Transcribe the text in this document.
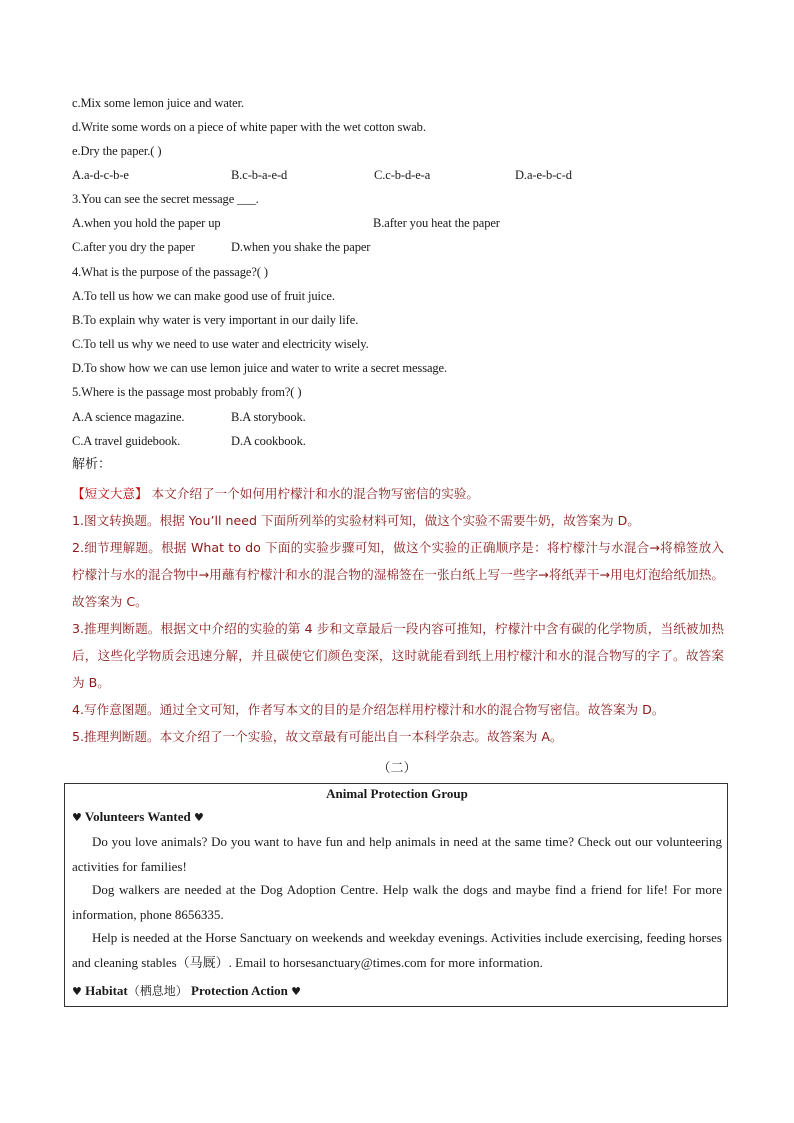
c.Mix some lemon juice and water.
d.Write some words on a piece of white paper with the wet cotton swab.
e.Dry the paper.( )
A.a-d-c-b-e	B.c-b-a-e-d	C.c-b-d-e-a	D.a-e-b-c-d
3.You can see the secret message ___.
A.when you hold the paper up	B.after you heat the paper
C.after you dry the paper	D.when you shake the paper
4.What is the purpose of the passage?( )
A.To tell us how we can make good use of fruit juice.
B.To explain why water is very important in our daily life.
C.To tell us why we need to use water and electricity wisely.
D.To show how we can use lemon juice and water to write a secret message.
5.Where is the passage most probably from?( )
A.A science magazine.	B.A storybook.
C.A travel guidebook.	D.A cookbook.
解析：

【短文大意】 本文介绍了一个如何用柠檬汁和水的混合物写密信的实验。

1.图文转换题。根据 You’ll need 下面所列举的实验材料可知，做这个实验不需要牛奶，故答案为 D。

2.细节理解题。根据 What to do 下面的实验步骤可知，做这个实验的正确顺序是：将柠檬汁与水混合→将棉签放入柠檬汁与水的混合物中→用蘸有柠檬汁和水的混合物的湿棉签在一张白纸上写一些字→将纸弄干→用电灯泡给纸加热。故答案为 C。

3.推理判断题。根据文中介绍的实验的第 4 步和文章最后一段内容可推知，柠檬汁中含有碳的化学物质，当纸被加热后，这些化学物质会迅速分解，并且碳使它们颜色变深，这时就能看到纸上用柠檬汁和水的混合物写的字了。故答案为 B。

4.写作意图题。通过全文可知，作者写本文的目的是介绍怎样用柠檬汁和水的混合物写密信。故答案为 D。

5.推理判断题。本文介绍了一个实验，故文章最有可能出自一本科学杂志。故答案为 A。

（二）
Animal Protection Group
♥ Volunteers Wanted ♥
Do you love animals? Do you want to have fun and help animals in need at the same time? Check out our volunteering activities for families!
Dog walkers are needed at the Dog Adoption Centre. Help walk the dogs and maybe find a friend for life! For more information, phone 8656335.
Help is needed at the Horse Sanctuary on weekends and weekday evenings. Activities include exercising, feeding horses and cleaning stables（马厩）. Email to horsesanctuary@times.com for more information.
♥ Habitat（栖息地） Protection Action ♥
